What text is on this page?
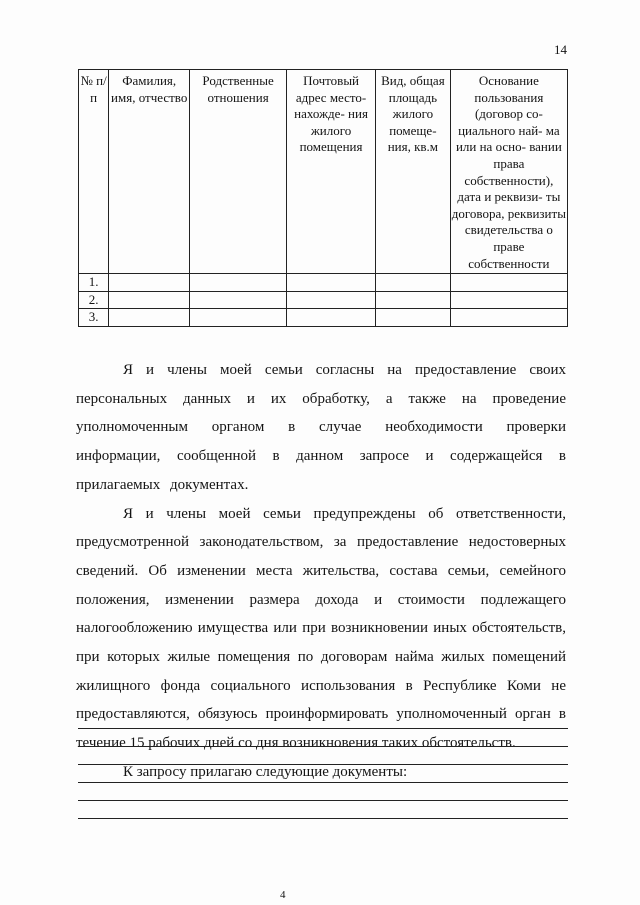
14
№ п/п	Фамилия, имя, отчество	Родственные отношения	Почтовый адрес место- нахожде- ния жилого помещения	Вид, общая площадь жилого помеще- ния, кв.м	Основание пользования (договор со- циального най- ма или на осно- вании права собственности), дата и реквизи- ты договора, реквизиты свидетельства о праве собственности
1.					
2.					
3.					

Я и члены моей семьи согласны на предоставление своих персональных данных и их обработку, а также на проведение уполномоченным органом в случае необходимости проверки информации, сообщенной в данном запросе и содержащейся в прилагаемых документах.

Я и члены моей семьи предупреждены об ответственности, предусмотренной законодательством, за предоставление недостоверных сведений. Об изменении места жительства, состава семьи, семейного положения, изменении размера дохода и стоимости подлежащего налогообложению имущества или при возникновении иных обстоятельств, при которых жилые помещения по договорам найма жилых помещений жилищного фонда социального использования в Республике Коми не предоставляются, обязуюсь проинформировать уполномоченный орган в течение 15 рабочих дней со дня возникновения таких обстоятельств.

К запросу прилагаю следующие документы:

4
